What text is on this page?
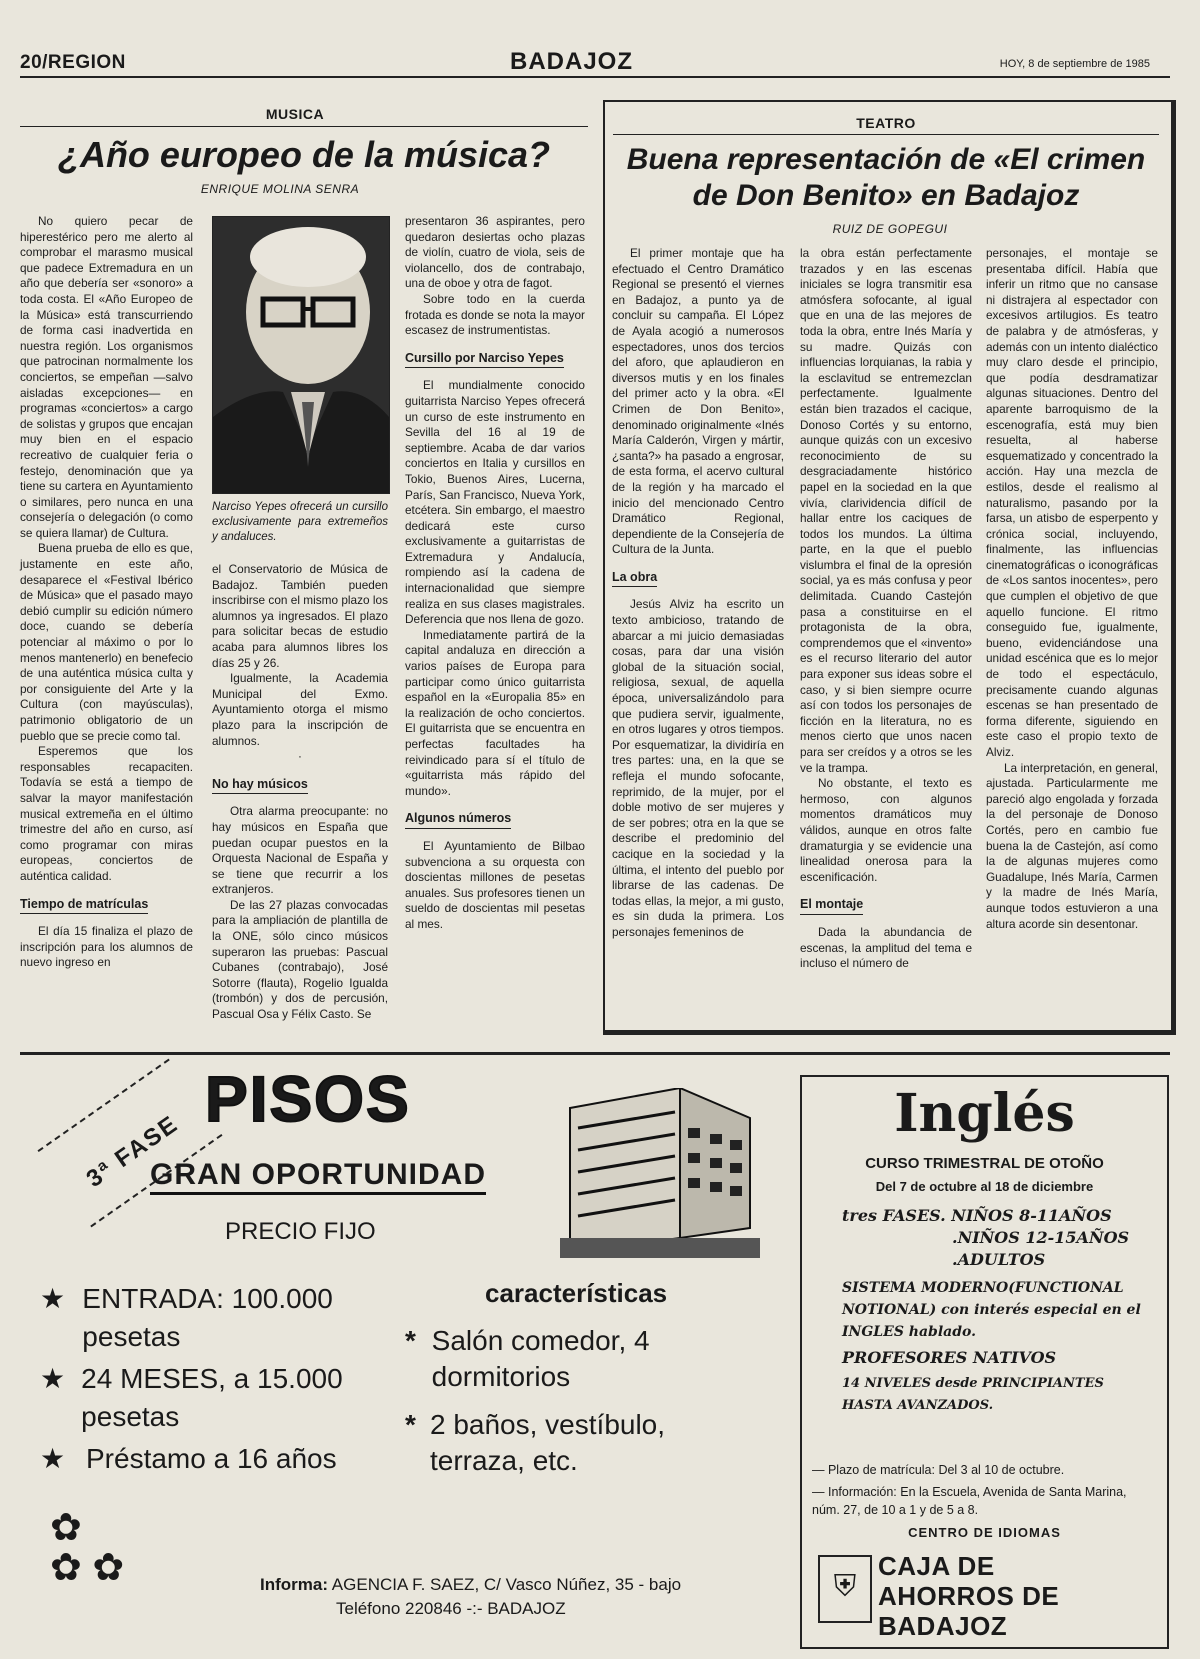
20/REGION	BADAJOZ	HOY, 8 de septiembre de 1985
MUSICA
¿Año europeo de la música?
ENRIQUE MOLINA SENRA

No quiero pecar de hiperestérico pero me alerto al comprobar el marasmo musical que padece Extremadura en un año que debería ser «sonoro» a toda costa. El «Año Europeo de la Música» está transcurriendo de forma casi inadvertida en nuestra región. Los organismos que patrocinan normalmente los conciertos, se empeñan —salvo aisladas excepciones— en programas «conciertos» a cargo de solistas y grupos que encajan muy bien en el espacio recreativo de cualquier feria o festejo, denominación que ya tiene su cartera en Ayuntamiento o similares, pero nunca en una consejería o delegación (o como se quiera llamar) de Cultura.

Buena prueba de ello es que, justamente en este año, desaparece el «Festival Ibérico de Música» que el pasado mayo debió cumplir su edición número doce, cuando se debería potenciar al máximo o por lo menos mantenerlo) en benefecio de una auténtica música culta y por consiguiente del Arte y la Cultura (con mayúsculas), patrimonio obligatorio de un pueblo que se precie como tal.

Esperemos que los responsables recapaciten. Todavía se está a tiempo de salvar la mayor manifestación musical extremeña en el último trimestre del año en curso, así como programar con miras europeas, conciertos de auténtica calidad.

Tiempo de matrículas

El día 15 finaliza el plazo de inscripción para los alumnos de nuevo ingreso en

Narciso Yepes ofrecerá un cursillo exclusivamente para extremeños y andaluces.

el Conservatorio de Música de Badajoz. También pueden inscribirse con el mismo plazo los alumnos ya ingresados. El plazo para solicitar becas de estudio acaba para alumnos libres los días 25 y 26.

Igualmente, la Academia Municipal del Exmo. Ayuntamiento otorga el mismo plazo para la inscripción de alumnos.

·
No hay músicos

Otra alarma preocupante: no hay músicos en España que puedan ocupar puestos en la Orquesta Nacional de España y se tiene que recurrir a los extranjeros.

De las 27 plazas convocadas para la ampliación de plantilla de la ONE, sólo cinco músicos superaron las pruebas: Pascual Cubanes (contrabajo), José Sotorre (flauta), Rogelio Igualda (trombón) y dos de percusión, Pascual Osa y Félix Casto. Se

presentaron 36 aspirantes, pero quedaron desiertas ocho plazas de violín, cuatro de viola, seis de violancello, dos de contrabajo, una de oboe y otra de fagot.

Sobre todo en la cuerda frotada es donde se nota la mayor escasez de instrumentistas.

Cursillo por Narciso Yepes

El mundialmente conocido guitarrista Narciso Yepes ofrecerá un curso de este instrumento en Sevilla del 16 al 19 de septiembre. Acaba de dar varios conciertos en Italia y cursillos en Tokio, Buenos Aires, Lucerna, París, San Francisco, Nueva York, etcétera. Sin embargo, el maestro dedicará este curso exclusivamente a guitarristas de Extremadura y Andalucía, rompiendo así la cadena de internacionalidad que siempre realiza en sus clases magistrales. Deferencia que nos llena de gozo.

Inmediatamente partirá de la capital andaluza en dirección a varios países de Europa para participar como único guitarrista español en la «Europalia 85» en la realización de ocho conciertos. El guitarrista que se encuentra en perfectas facultades ha reivindicado para sí el título de «guitarrista más rápido del mundo».

Algunos números

El Ayuntamiento de Bilbao subvenciona a su orquesta con doscientas millones de pesetas anuales. Sus profesores tienen un sueldo de doscientas mil pesetas al mes.

TEATRO
Buena representación de «El crimen de Don Benito» en Badajoz
RUIZ DE GOPEGUI

El primer montaje que ha efectuado el Centro Dramático Regional se presentó el viernes en Badajoz, a punto ya de concluir su campaña. El López de Ayala acogió a numerosos espectadores, unos dos tercios del aforo, que aplaudieron en diversos mutis y en los finales del primer acto y la obra. «El Crimen de Don Benito», denominado originalmente «Inés María Calderón, Virgen y mártir, ¿santa?» ha pasado a engrosar, de esta forma, el acervo cultural de la región y ha marcado el inicio del mencionado Centro Dramático Regional, dependiente de la Consejería de Cultura de la Junta.

La obra

Jesús Alviz ha escrito un texto ambicioso, tratando de abarcar a mi juicio demasiadas cosas, para dar una visión global de la situación social, religiosa, sexual, de aquella época, universalizándolo para que pudiera servir, igualmente, en otros lugares y otros tiempos. Por esquematizar, la dividiría en tres partes: una, en la que se refleja el mundo sofocante, reprimido, de la mujer, por el doble motivo de ser mujeres y de ser pobres; otra en la que se describe el predominio del cacique en la sociedad y la última, el intento del pueblo por librarse de las cadenas. De todas ellas, la mejor, a mi gusto, es sin duda la primera. Los personajes femeninos de

la obra están perfectamente trazados y en las escenas iniciales se logra transmitir esa atmósfera sofocante, al igual que en una de las mejores de toda la obra, entre Inés María y su madre. Quizás con influencias lorquianas, la rabia y la esclavitud se entremezclan perfectamente. Igualmente están bien trazados el cacique, Donoso Cortés y su entorno, aunque quizás con un excesivo reconocimiento de su desgraciadamente histórico papel en la sociedad en la que vivía, clarividencia difícil de hallar entre los caciques de todos los mundos. La última parte, en la que el pueblo vislumbra el final de la opresión social, ya es más confusa y peor delimitada. Cuando Castejón pasa a constituirse en el protagonista de la obra, comprendemos que el «invento» es el recurso literario del autor para exponer sus ideas sobre el caso, y si bien siempre ocurre así con todos los personajes de ficción en la literatura, no es menos cierto que unos nacen para ser creídos y a otros se les ve la trampa.

No obstante, el texto es hermoso, con algunos momentos dramáticos muy válidos, aunque en otros falte dramaturgia y se evidencie una linealidad onerosa para la escenificación.

El montaje

Dada la abundancia de escenas, la amplitud del tema e incluso el número de

personajes, el montaje se presentaba difícil. Había que inferir un ritmo que no cansase ni distrajera al espectador con excesivos artilugios. Es teatro de palabra y de atmósferas, y además con un intento dialéctico muy claro desde el principio, que podía desdramatizar algunas situaciones. Dentro del aparente barroquismo de la escenografía, está muy bien resuelta, al haberse esquematizado y concentrado la acción. Hay una mezcla de estilos, desde el realismo al naturalismo, pasando por la farsa, un atisbo de esperpento y crónica social, incluyendo, finalmente, las influencias cinematográficas o iconográficas de «Los santos inocentes», pero que cumplen el objetivo de que aquello funcione. El ritmo conseguido fue, igualmente, bueno, evidenciándose una unidad escénica que es lo mejor de todo el espectáculo, precisamente cuando algunas escenas se han presentado de forma diferente, siguiendo en este caso el propio texto de Alviz.

La interpretación, en general, ajustada. Particularmente me pareció algo engolada y forzada la del personaje de Donoso Cortés, pero en cambio fue buena la de Castejón, así como la de algunas mujeres como Guadalupe, Inés María, Carmen y la madre de Inés María, aunque todos estuvieron a una altura acorde sin desentonar.

3ª FASE
PISOS
GRAN OPORTUNIDAD
PRECIO FIJO
★ ENTRADA: 100.000 pesetas
★ 24 MESES, a 15.000 pesetas
★ Préstamo a 16 años
características
* Salón comedor, 4 dormitorios
* 2 baños, vestíbulo, terraza, etc.
✿
✿ ✿	Informa: AGENCIA F. SAEZ, C/ Vasco Núñez, 35 - bajo
Teléfono 220846 -:- BADAJOZ
Inglés
CURSO TRIMESTRAL DE OTOÑO
Del 7 de octubre al 18 de diciembre
tres FASES. NIÑOS 8-11AÑOS
.NIÑOS 12-15AÑOS
.ADULTOS
SISTEMA MODERNO(FUNCTIONAL NOTIONAL) con interés especial en el INGLES hablado.
PROFESORES NATIVOS
14 NIVELES desde PRINCIPIANTES HASTA AVANZADOS.
— Plazo de matrícula: Del 3 al 10 de octubre.
— Información: En la Escuela, Avenida de Santa Marina, núm. 27, de 10 a 1 y de 5 a 8.
CENTRO DE IDIOMAS
⛨
CAJA DE AHORROS DE BADAJOZ
